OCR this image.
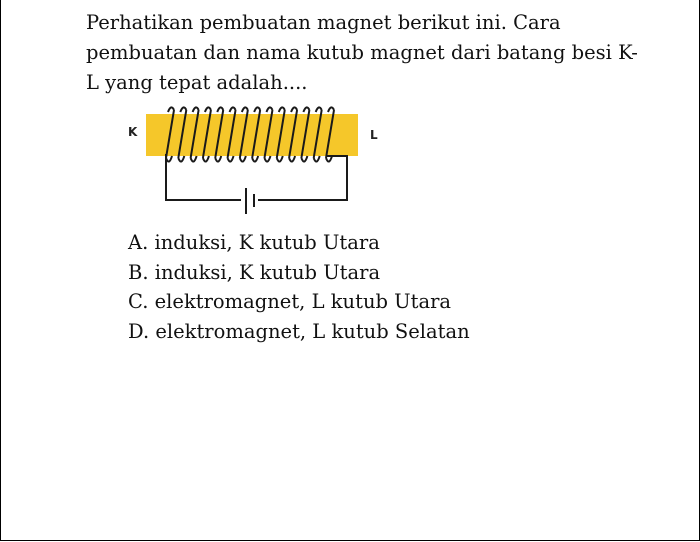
Perhatikan pembuatan magnet berikut ini. Cara
pembuatan dan nama kutub magnet dari batang besi K-
L yang tepat adalah....

K	L
A. induksi, K kutub Utara
B. induksi, K kutub Utara
C. elektromagnet, L kutub Utara
D. elektromagnet, L kutub Selatan
